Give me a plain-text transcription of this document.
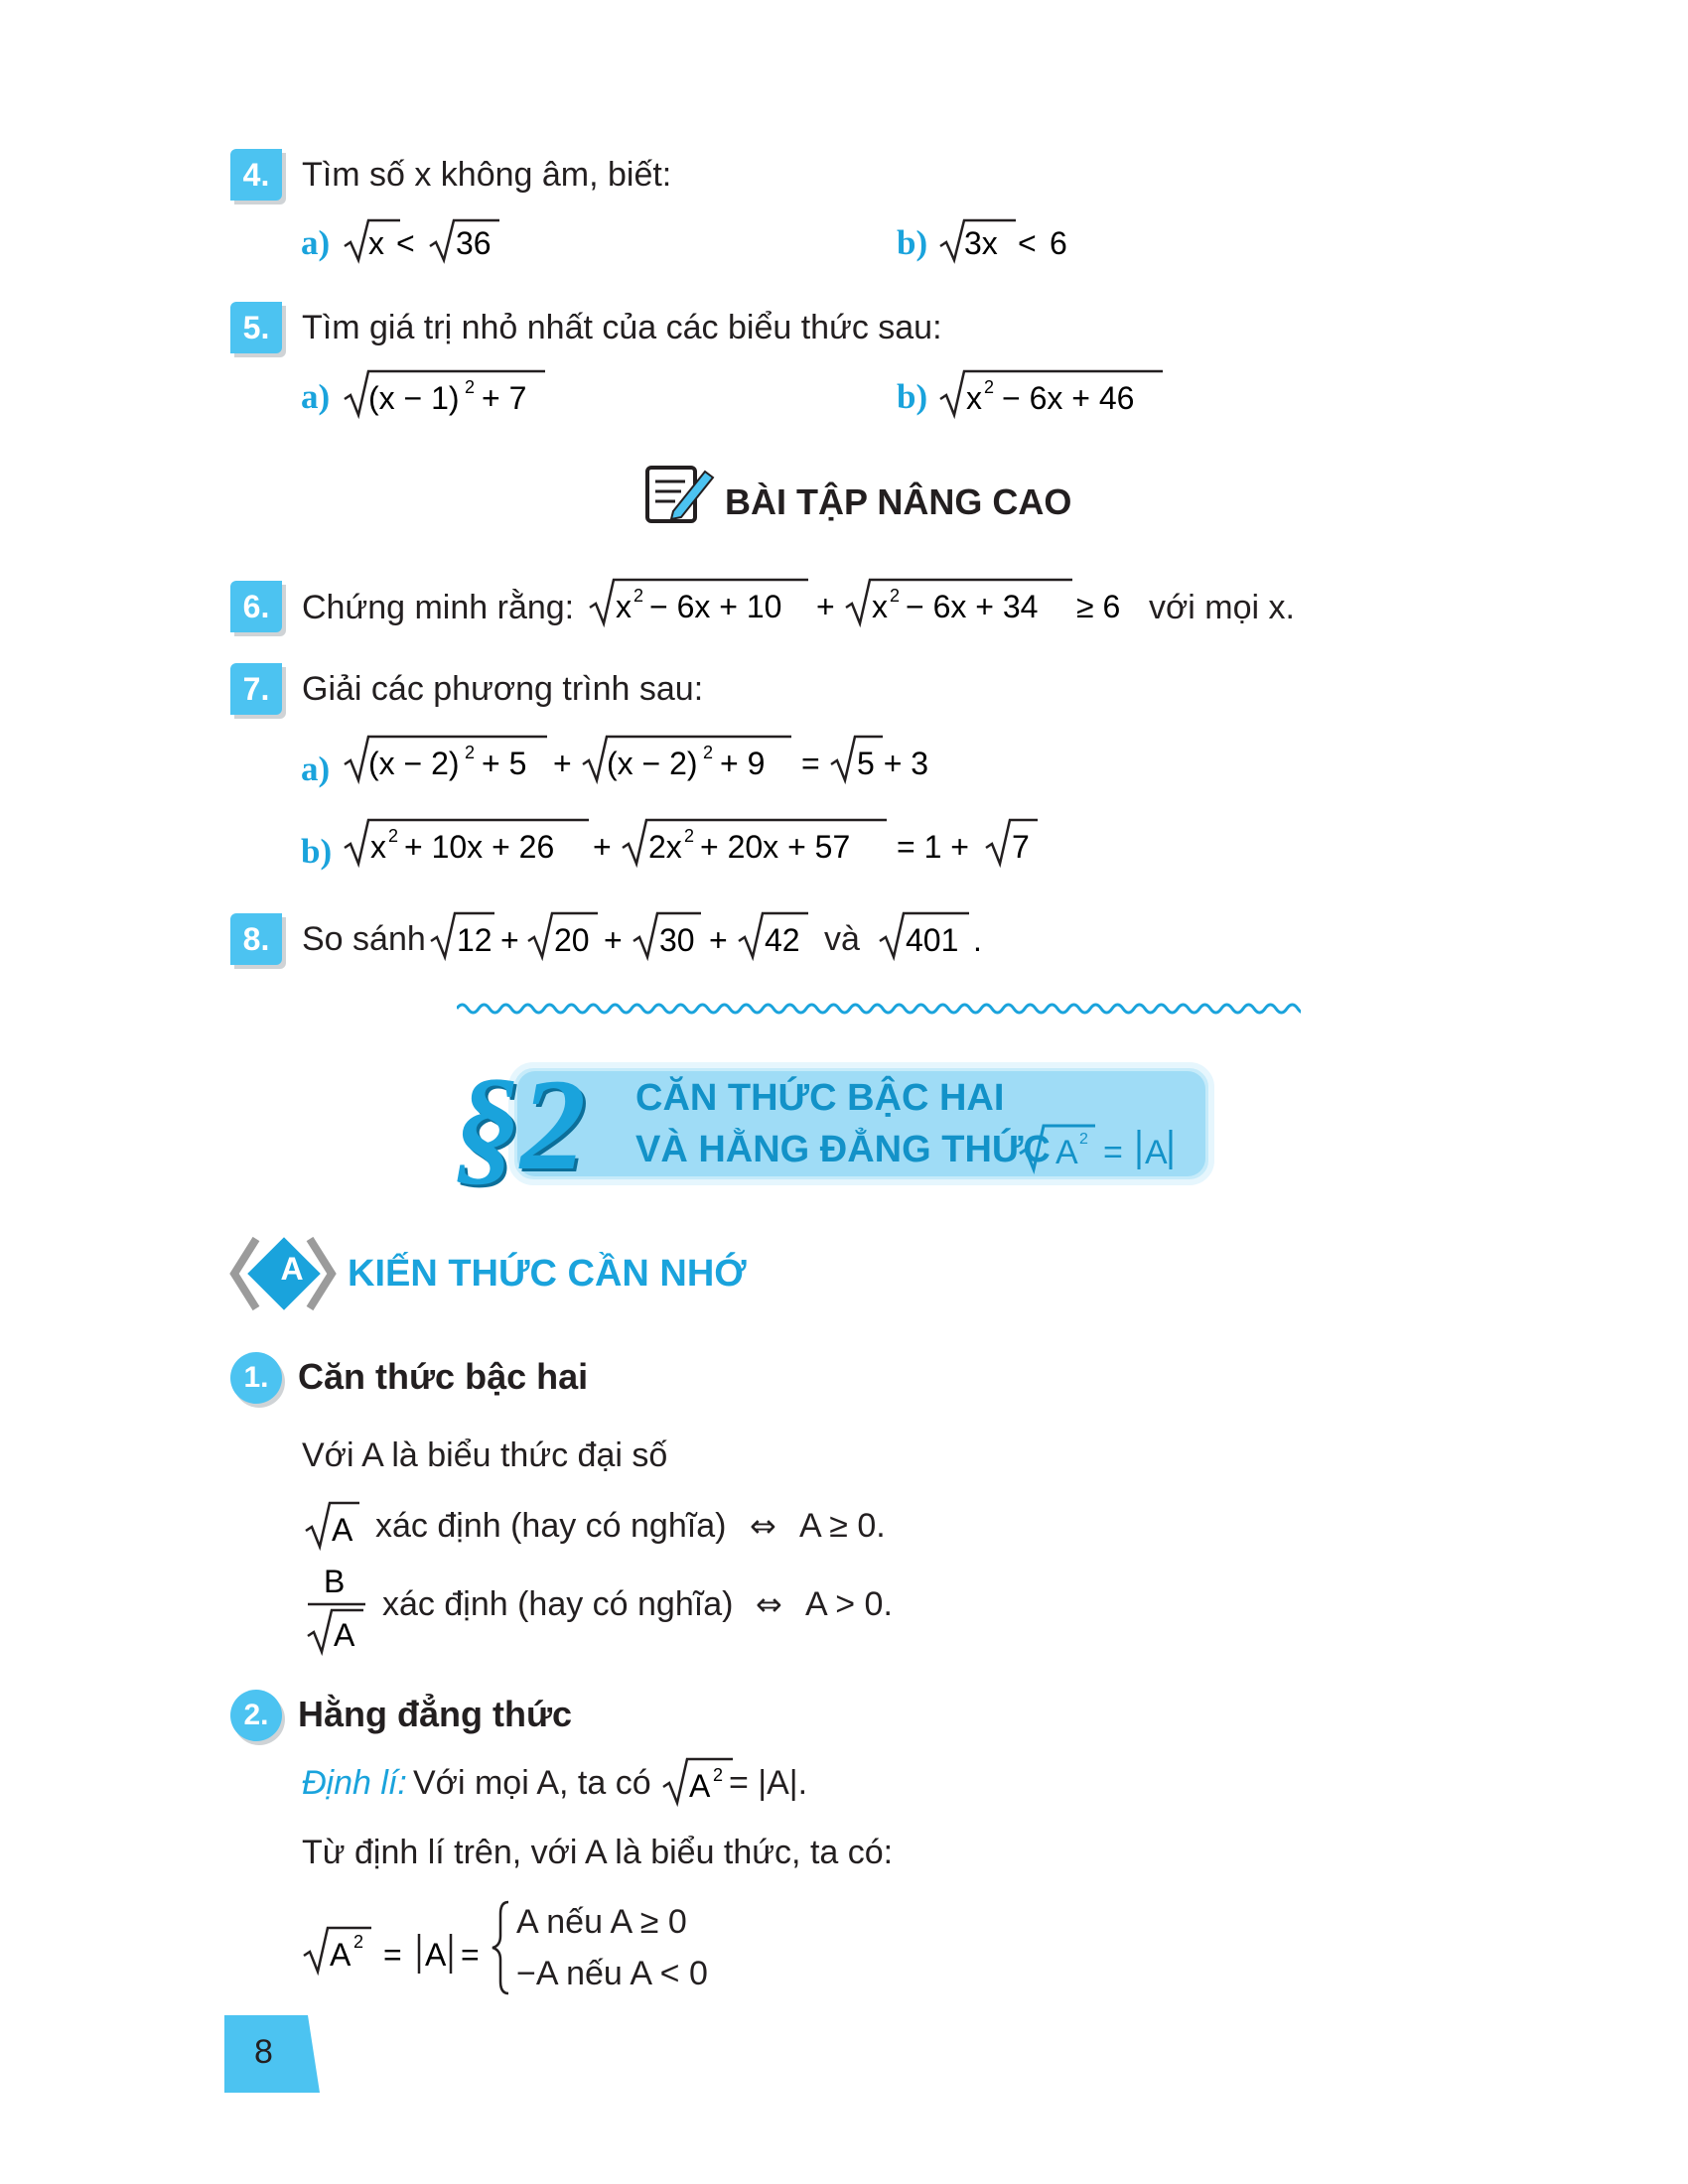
4. Tìm số x không âm, biết:
a) x < 36	b) 3x < 6
5. Tìm giá trị nhỏ nhất của các biểu thức sau:
a) (x − 1) 2 + 7	b) x 2 − 6x + 46
BÀI TẬP NÂNG CAO
6. Chứng minh rằng: x 2 − 6x + 10 + x 2 − 6x + 34 ≥ 6 với mọi x.
7. Giải các phương trình sau:
a) (x − 2) 2 + 5 + (x − 2) 2 + 9 = 5 + 3
b) x 2 + 10x + 26 + 2x 2 + 20x + 57 = 1 + 7
8. So sánh 12 + 20 + 30 + 42 và 401 .
§2 CĂN THỨC BẬC HAI
VÀ HẰNG ĐẲNG THỨC A 2 = A
A KIẾN THỨC CẦN NHỚ
1. Căn thức bậc hai
Với A là biểu thức đại số
A xác định (hay có nghĩa) ⇔ A ≥ 0.
B
A
xác định (hay có nghĩa) ⇔ A > 0.
2. Hằng đẳng thức
Định lí: Với mọi A, ta có A 2 = |A|.
Từ định lí trên, với A là biểu thức, ta có:
A 2 = A =
A nếu A ≥ 0
−A nếu A < 0
8
